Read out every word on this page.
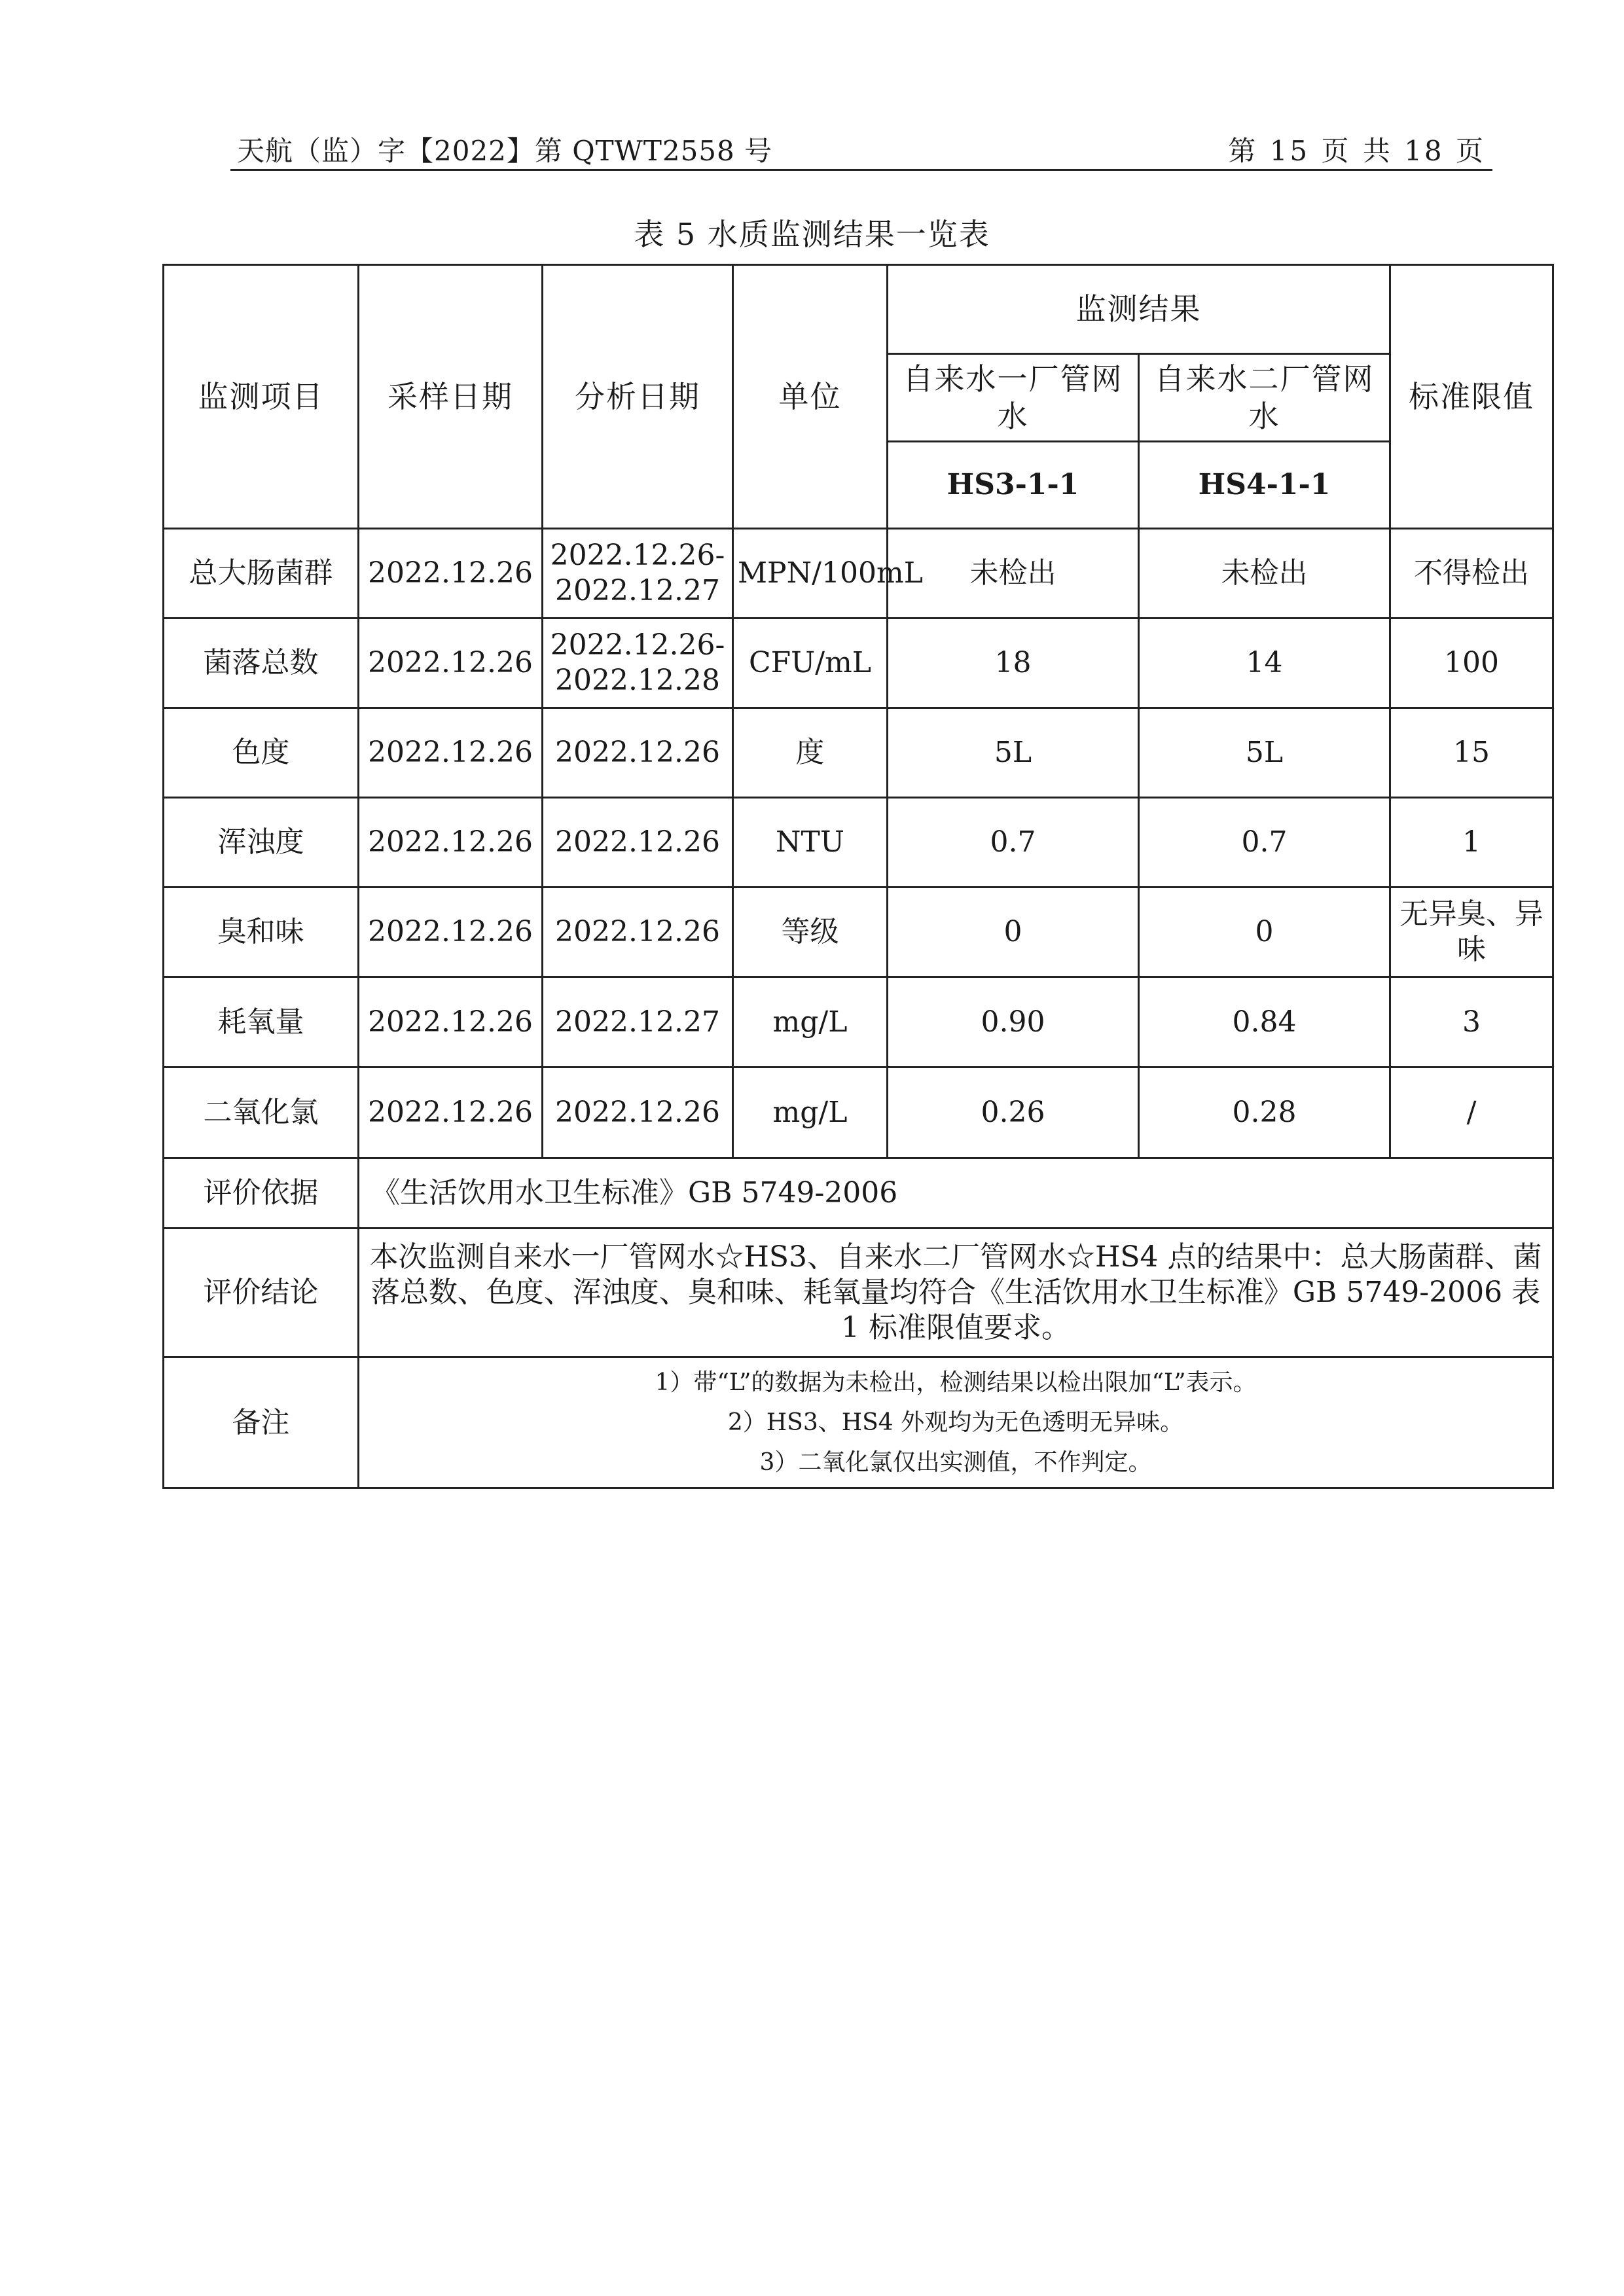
天航（监）字【2022】第 QTWT2558 号	第 15 页 共 18 页
表 5 水质监测结果一览表
监测项目	采样日期	分析日期	单位	监测结果		标准限值
				自来水一厂管网水	自来水二厂管网水	
				HS3-1-1	HS4-1-1	
总大肠菌群	2022.12.26	2022.12.26-2022.12.27	MPN/100mL	未检出	未检出	不得检出
菌落总数	2022.12.26	2022.12.26-2022.12.28	CFU/mL	18	14	100
色度	2022.12.26	2022.12.26	度	5L	5L	15
浑浊度	2022.12.26	2022.12.26	NTU	0.7	0.7	1
臭和味	2022.12.26	2022.12.26	等级	0	0	无异臭、异味
耗氧量	2022.12.26	2022.12.27	mg/L	0.90	0.84	3
二氧化氯	2022.12.26	2022.12.26	mg/L	0.26	0.28	/
评价依据	《生活饮用水卫生标准》GB 5749-2006					
评价结论	本次监测自来水一厂管网水☆HS3、自来水二厂管网水☆HS4 点的结果中：总大肠菌群、菌落总数、色度、浑浊度、臭和味、耗氧量均符合《生活饮用水卫生标准》GB 5749-2006 表 1 标准限值要求。					
备注	1）带“L”的数据为未检出，检测结果以检出限加“L”表示。
2）HS3、HS4 外观均为无色透明无异味。
3）二氧化氯仅出实测值，不作判定。					
